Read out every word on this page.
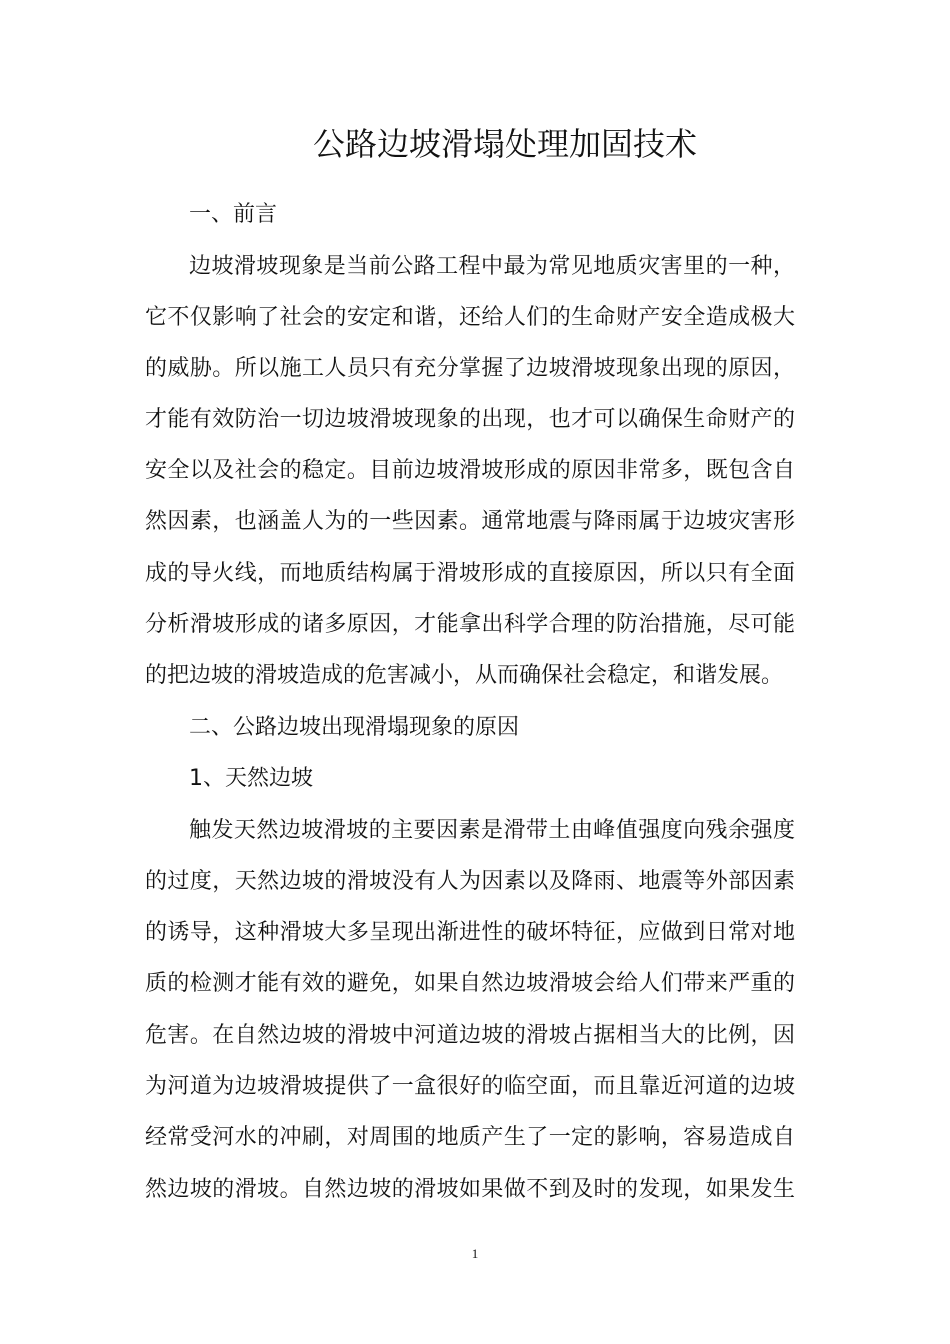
公路边坡滑塌处理加固技术

一、前言

边坡滑坡现象是当前公路工程中最为常见地质灾害里的一种，

它不仅影响了社会的安定和谐，还给人们的生命财产安全造成极大

的威胁。所以施工人员只有充分掌握了边坡滑坡现象出现的原因，

才能有效防治一切边坡滑坡现象的出现，也才可以确保生命财产的

安全以及社会的稳定。目前边坡滑坡形成的原因非常多，既包含自

然因素，也涵盖人为的一些因素。通常地震与降雨属于边坡灾害形

成的导火线，而地质结构属于滑坡形成的直接原因，所以只有全面

分析滑坡形成的诸多原因，才能拿出科学合理的防治措施，尽可能

的把边坡的滑坡造成的危害减小，从而确保社会稳定，和谐发展。

二、公路边坡出现滑塌现象的原因

1、天然边坡

触发天然边坡滑坡的主要因素是滑带土由峰值强度向残余强度

的过度，天然边坡的滑坡没有人为因素以及降雨、地震等外部因素

的诱导，这种滑坡大多呈现出渐进性的破坏特征，应做到日常对地

质的检测才能有效的避免，如果自然边坡滑坡会给人们带来严重的

危害。在自然边坡的滑坡中河道边坡的滑坡占据相当大的比例，因

为河道为边坡滑坡提供了一盒很好的临空面，而且靠近河道的边坡

经常受河水的冲刷，对周围的地质产生了一定的影响，容易造成自

然边坡的滑坡。自然边坡的滑坡如果做不到及时的发现，如果发生

1
